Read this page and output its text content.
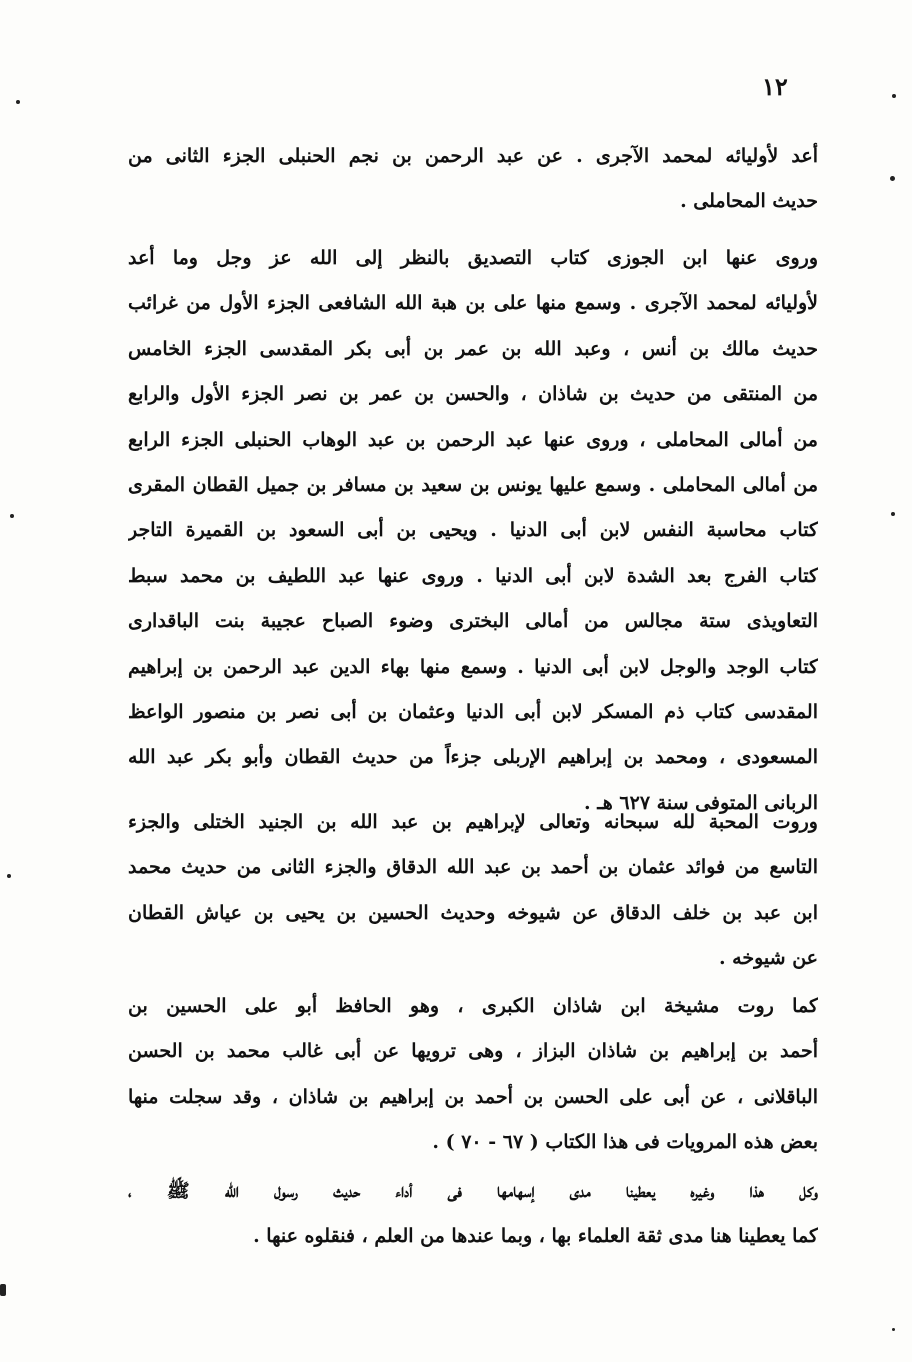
١٢
أعد لأوليائه لمحمد الآجرى . عن عبد الرحمن بن نجم الحنبلى الجزء الثانى من
حديث المحاملى .
وروى عنها ابن الجوزى كتاب التصديق بالنظر إلى الله عز وجل وما أعد
لأوليائه لمحمد الآجرى . وسمع منها على بن هبة الله الشافعى الجزء الأول من غرائب
حديث مالك بن أنس ، وعبد الله بن عمر بن أبى بكر المقدسى الجزء الخامس
من المنتقى من حديث بن شاذان ، والحسن بن عمر بن نصر الجزء الأول والرابع
من أمالى المحاملى ، وروى عنها عبد الرحمن بن عبد الوهاب الحنبلى الجزء الرابع
من أمالى المحاملى . وسمع عليها يونس بن سعيد بن مسافر بن جميل القطان المقرى
كتاب محاسبة النفس لابن أبى الدنيا . ويحيى بن أبى السعود بن القميرة التاجر
كتاب الفرج بعد الشدة لابن أبى الدنيا . وروى عنها عبد اللطيف بن محمد سبط
التعاويذى ستة مجالس من أمالى البخترى وضوء الصباح عجيبة بنت الباقدارى
كتاب الوجد والوجل لابن أبى الدنيا . وسمع منها بهاء الدين عبد الرحمن بن إبراهيم
المقدسى كتاب ذم المسكر لابن أبى الدنيا وعثمان بن أبى نصر بن منصور الواعظ
المسعودى ، ومحمد بن إبراهيم الإربلى جزءاً من حديث القطان وأبو بكر عبد الله
الربانى المتوفى سنة ٦٢٧ هـ .
وروت المحبة لله سبحانه وتعالى لإبراهيم بن عبد الله بن الجنيد الختلى والجزء
التاسع من فوائد عثمان بن أحمد بن عبد الله الدقاق والجزء الثانى من حديث محمد
ابن عبد بن خلف الدقاق عن شيوخه وحديث الحسين بن يحيى بن عياش القطان
عن شيوخه .
كما روت مشيخة ابن شاذان الكبرى ، وهو الحافظ أبو على الحسين بن
أحمد بن إبراهيم بن شاذان البزاز ، وهى ترويها عن أبى غالب محمد بن الحسن
الباقلانى ، عن أبى على الحسن بن أحمد بن إبراهيم بن شاذان ، وقد سجلت منها
بعض هذه المرويات فى هذا الكتاب ( ٦٧ - ٧٠ ) .
وكل هذا وغيره يعطينا مدى إسهامها فى أداء حديث رسول الله ﷺ ،
كما يعطينا هنا مدى ثقة العلماء بها ، وبما عندها من العلم ، فنقلوه عنها .
